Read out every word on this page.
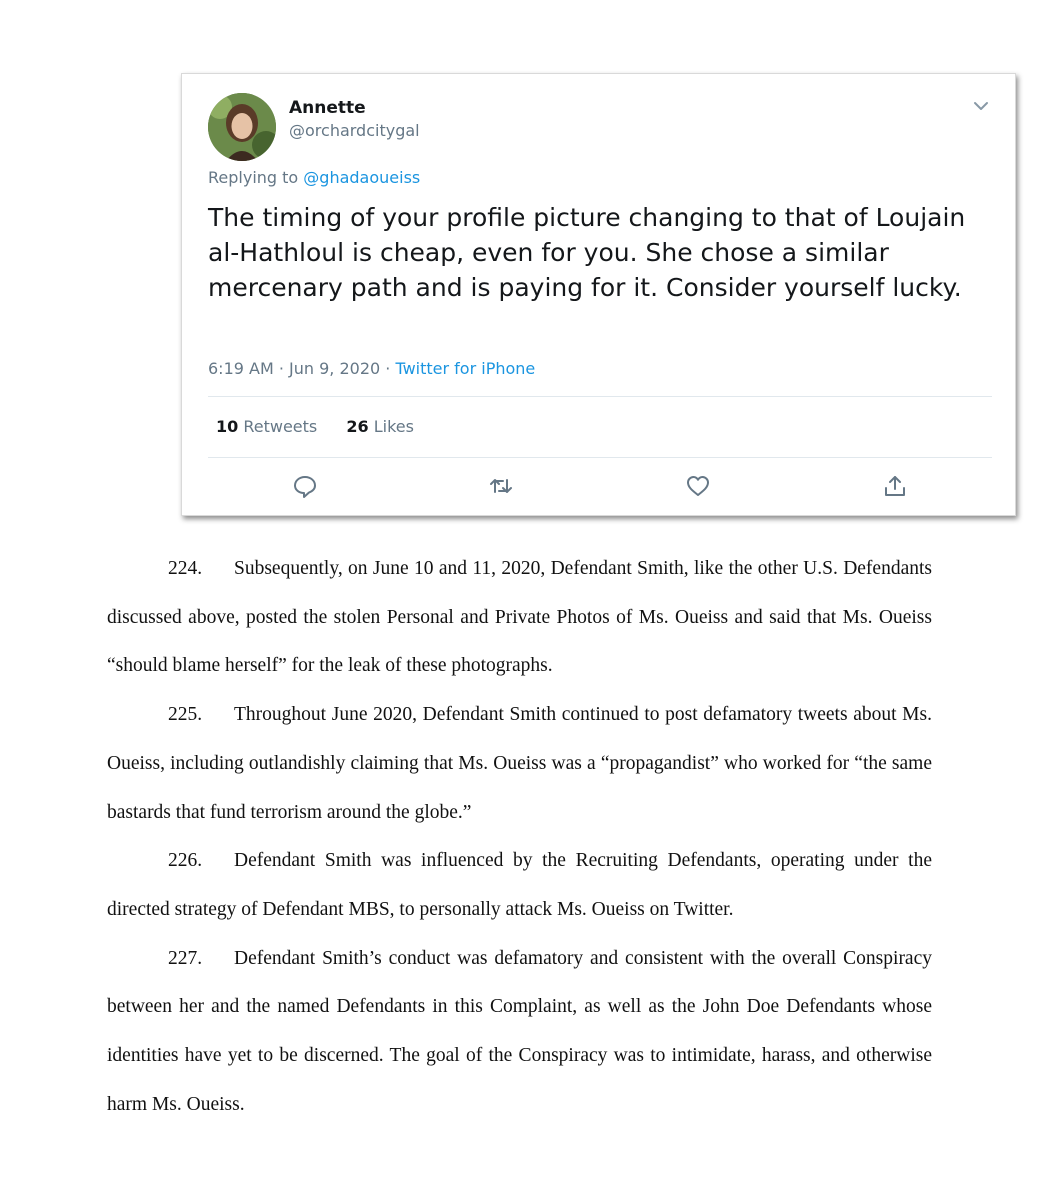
Annette
@orchardcitygal
Replying to @ghadaoueiss
The timing of your profile picture changing to that of Loujain al-Hathloul is cheap, even for you. She chose a similar mercenary path and is paying for it. Consider yourself lucky.
6:19 AM · Jun 9, 2020 · Twitter for iPhone
10 Retweets 26 Likes

224. Subsequently, on June 10 and 11, 2020, Defendant Smith, like the other U.S. Defendants discussed above, posted the stolen Personal and Private Photos of Ms. Oueiss and said that Ms. Oueiss “should blame herself” for the leak of these photographs.

225. Throughout June 2020, Defendant Smith continued to post defamatory tweets about Ms. Oueiss, including outlandishly claiming that Ms. Oueiss was a “propagandist” who worked for “the same bastards that fund terrorism around the globe.”

226. Defendant Smith was influenced by the Recruiting Defendants, operating under the directed strategy of Defendant MBS, to personally attack Ms. Oueiss on Twitter.

227. Defendant Smith’s conduct was defamatory and consistent with the overall Conspiracy between her and the named Defendants in this Complaint, as well as the John Doe Defendants whose identities have yet to be discerned. The goal of the Conspiracy was to intimidate, harass, and otherwise harm Ms. Oueiss.
